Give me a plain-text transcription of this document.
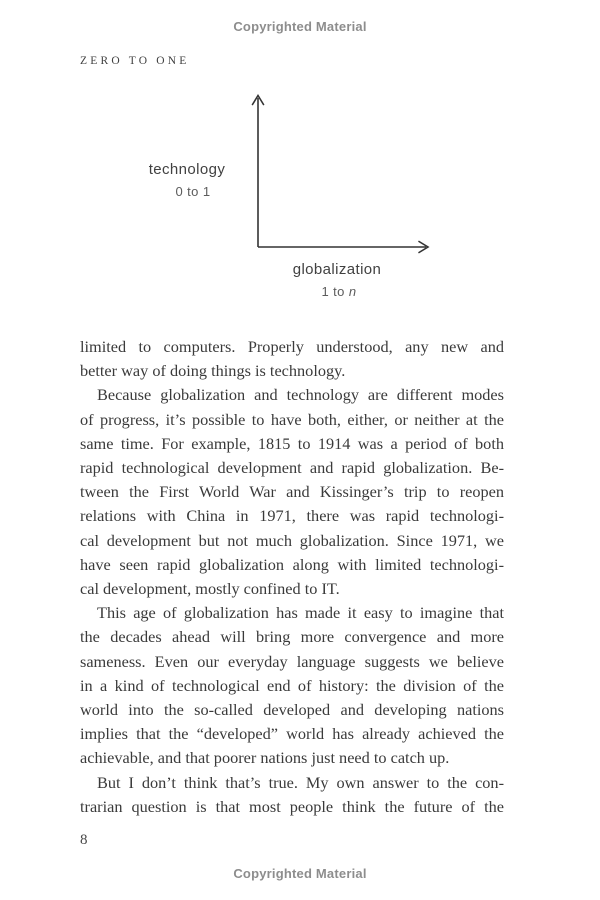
Copyrighted Material
ZERO TO ONE
technology
0 to 1
globalization
1 to n
limited to computers. Properly understood, any new and
better way of doing things is technology.
Because globalization and technology are different modes
of progress, it’s possible to have both, either, or neither at the
same time. For example, 1815 to 1914 was a period of both
rapid technological development and rapid globalization. Be-
tween the First World War and Kissinger’s trip to reopen
relations with China in 1971, there was rapid technologi-
cal development but not much globalization. Since 1971, we
have seen rapid globalization along with limited technologi-
cal development, mostly confined to IT.
This age of globalization has made it easy to imagine that
the decades ahead will bring more convergence and more
sameness. Even our everyday language suggests we believe
in a kind of technological end of history: the division of the
world into the so-called developed and developing nations
implies that the “developed” world has already achieved the
achievable, and that poorer nations just need to catch up.
But I don’t think that’s true. My own answer to the con-
trarian question is that most people think the future of the
8
Copyrighted Material
